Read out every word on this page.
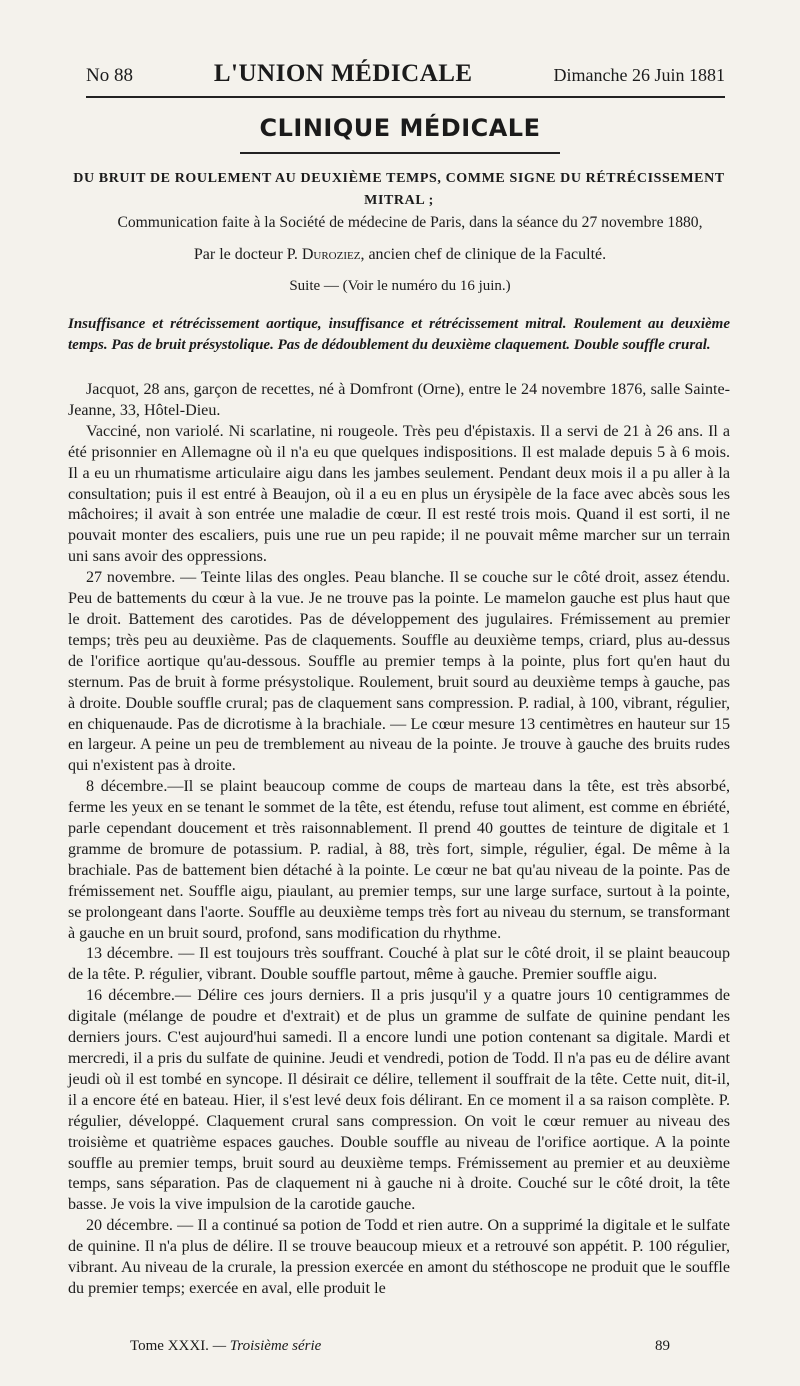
No 88	L'UNION MÉDICALE	Dimanche 26 Juin 1881
CLINIQUE MÉDICALE
DU BRUIT DE ROULEMENT AU DEUXIÈME TEMPS, COMME SIGNE DU RÉTRÉCISSEMENT MITRAL ;
Communication faite à la Société de médecine de Paris, dans la séance du 27 novembre 1880,
Par le docteur P. Duroziez, ancien chef de clinique de la Faculté.
Suite — (Voir le numéro du 16 juin.)
Insuffisance et rétrécissement aortique, insuffisance et rétrécissement mitral. Roulement au deuxième temps. Pas de bruit présystolique. Pas de dédoublement du deuxième claquement. Double souffle crural.

Jacquot, 28 ans, garçon de recettes, né à Domfront (Orne), entre le 24 novembre 1876, salle Sainte-Jeanne, 33, Hôtel-Dieu.

Vacciné, non variolé. Ni scarlatine, ni rougeole. Très peu d'épistaxis. Il a servi de 21 à 26 ans. Il a été prisonnier en Allemagne où il n'a eu que quelques indispositions. Il est malade depuis 5 à 6 mois. Il a eu un rhumatisme articulaire aigu dans les jambes seulement. Pendant deux mois il a pu aller à la consultation; puis il est entré à Beaujon, où il a eu en plus un érysipèle de la face avec abcès sous les mâchoires; il avait à son entrée une maladie de cœur. Il est resté trois mois. Quand il est sorti, il ne pouvait monter des escaliers, puis une rue un peu rapide; il ne pouvait même marcher sur un terrain uni sans avoir des oppressions.

27 novembre. — Teinte lilas des ongles. Peau blanche. Il se couche sur le côté droit, assez étendu. Peu de battements du cœur à la vue. Je ne trouve pas la pointe. Le mamelon gauche est plus haut que le droit. Battement des carotides. Pas de développement des jugulaires. Frémissement au premier temps; très peu au deuxième. Pas de claquements. Souffle au deuxième temps, criard, plus au-dessus de l'orifice aortique qu'au-dessous. Souffle au premier temps à la pointe, plus fort qu'en haut du sternum. Pas de bruit à forme présystolique. Roulement, bruit sourd au deuxième temps à gauche, pas à droite. Double souffle crural; pas de claquement sans compression. P. radial, à 100, vibrant, régulier, en chiquenaude. Pas de dicrotisme à la brachiale. — Le cœur mesure 13 centimètres en hauteur sur 15 en largeur. A peine un peu de tremblement au niveau de la pointe. Je trouve à gauche des bruits rudes qui n'existent pas à droite.

8 décembre.—Il se plaint beaucoup comme de coups de marteau dans la tête, est très absorbé, ferme les yeux en se tenant le sommet de la tête, est étendu, refuse tout aliment, est comme en ébriété, parle cependant doucement et très raisonnablement. Il prend 40 gouttes de teinture de digitale et 1 gramme de bromure de potassium. P. radial, à 88, très fort, simple, régulier, égal. De même à la brachiale. Pas de battement bien détaché à la pointe. Le cœur ne bat qu'au niveau de la pointe. Pas de frémissement net. Souffle aigu, piaulant, au premier temps, sur une large surface, surtout à la pointe, se prolongeant dans l'aorte. Souffle au deuxième temps très fort au niveau du sternum, se transformant à gauche en un bruit sourd, profond, sans modification du rhythme.

13 décembre. — Il est toujours très souffrant. Couché à plat sur le côté droit, il se plaint beaucoup de la tête. P. régulier, vibrant. Double souffle partout, même à gauche. Premier souffle aigu.

16 décembre.— Délire ces jours derniers. Il a pris jusqu'il y a quatre jours 10 centigrammes de digitale (mélange de poudre et d'extrait) et de plus un gramme de sulfate de quinine pendant les derniers jours. C'est aujourd'hui samedi. Il a encore lundi une potion contenant sa digitale. Mardi et mercredi, il a pris du sulfate de quinine. Jeudi et vendredi, potion de Todd. Il n'a pas eu de délire avant jeudi où il est tombé en syncope. Il désirait ce délire, tellement il souffrait de la tête. Cette nuit, dit-il, il a encore été en bateau. Hier, il s'est levé deux fois délirant. En ce moment il a sa raison complète. P. régulier, développé. Claquement crural sans compression. On voit le cœur remuer au niveau des troisième et quatrième espaces gauches. Double souffle au niveau de l'orifice aortique. A la pointe souffle au premier temps, bruit sourd au deuxième temps. Frémissement au premier et au deuxième temps, sans séparation. Pas de claquement ni à gauche ni à droite. Couché sur le côté droit, la tête basse. Je vois la vive impulsion de la carotide gauche.

20 décembre. — Il a continué sa potion de Todd et rien autre. On a supprimé la digitale et le sulfate de quinine. Il n'a plus de délire. Il se trouve beaucoup mieux et a retrouvé son appétit. P. 100 régulier, vibrant. Au niveau de la crurale, la pression exercée en amont du stéthoscope ne produit que le souffle du premier temps; exercée en aval, elle produit le

Tome XXXI. — Troisième série	89
